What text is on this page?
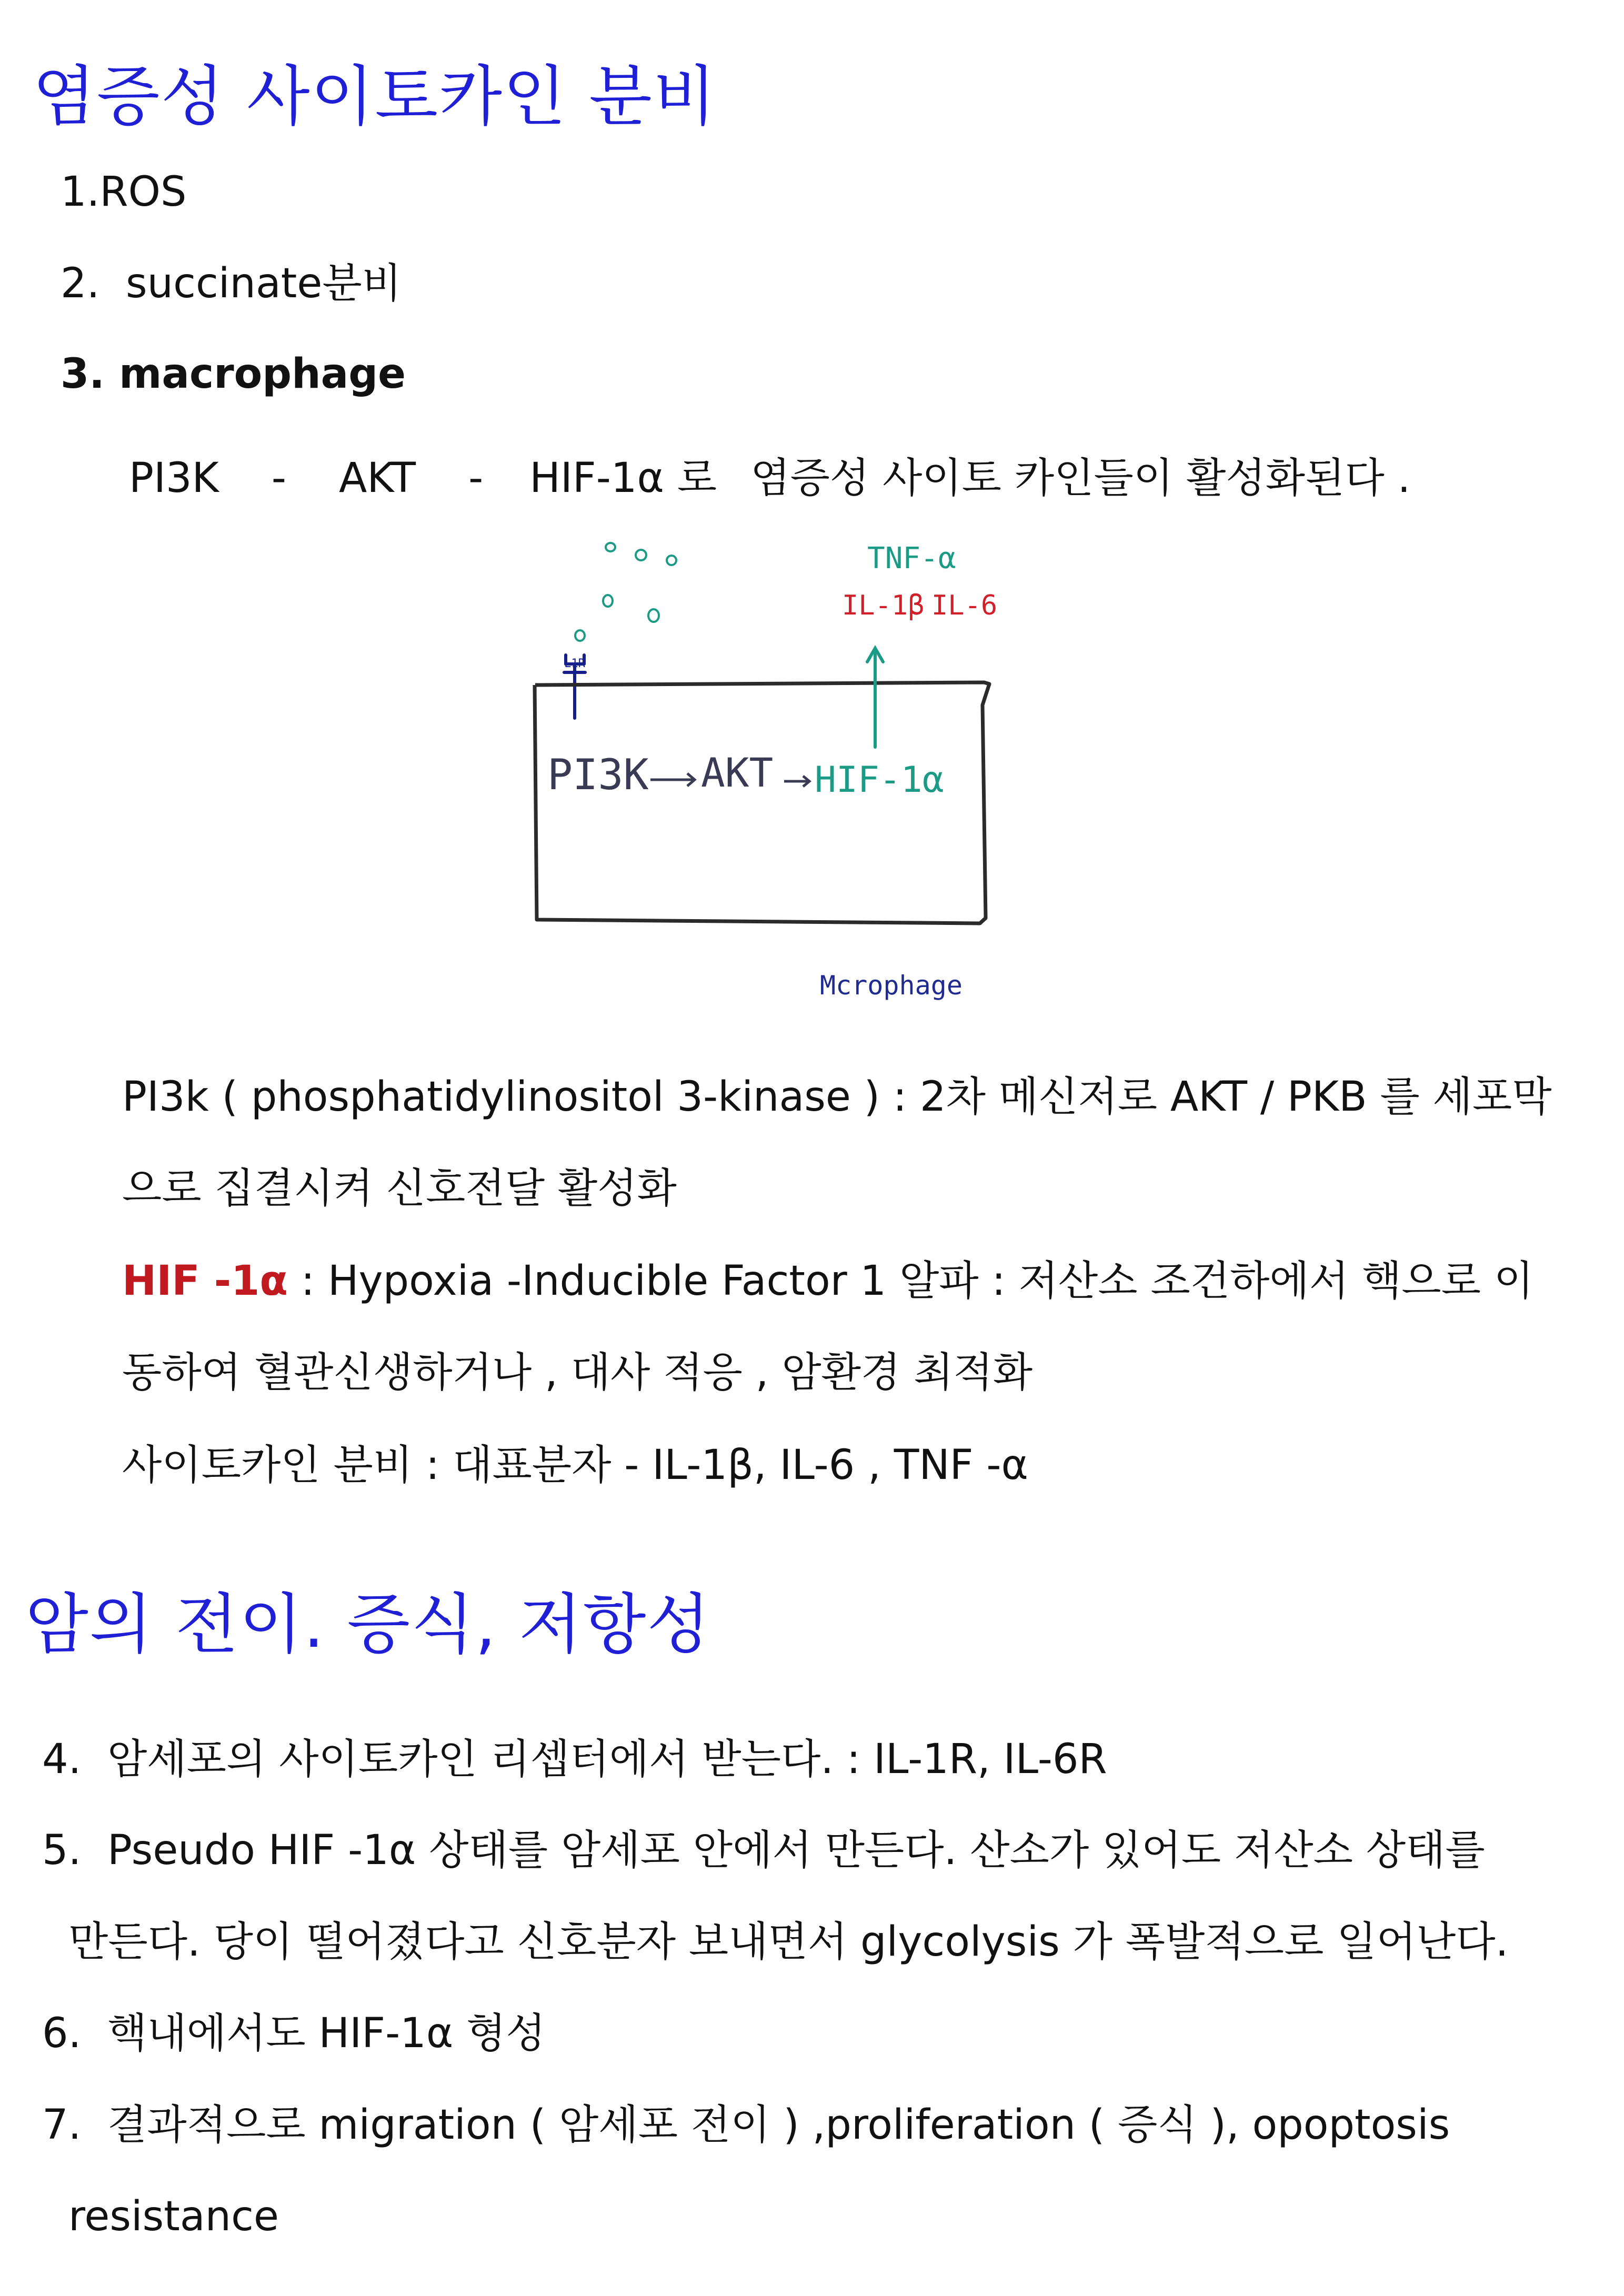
염증성 사이토카인 분비
1.ROS
2. succinate분비
3. macrophage
PI3K - AKT - HIF-1α 로 염증성 사이토 카인들이 활성화된다 .
L1R
TNF-α
IL-1β IL-6
PI3K AKT HIF-1α
Mcrophage
PI3k ( phosphatidylinositol 3-kinase ) : 2차 메신저로 AKT / PKB 를 세포막
으로 집결시켜 신호전달 활성화
HIF -1α : Hypoxia -Inducible Factor 1 알파 : 저산소 조건하에서 핵으로 이
동하여 혈관신생하거나 , 대사 적응 , 암환경 최적화
사이토카인 분비 : 대표분자 - IL-1β, IL-6 , TNF -α
암의 전이. 증식, 저항성
4. 암세포의 사이토카인 리셉터에서 받는다. : IL-1R, IL-6R
5. Pseudo HIF -1α 상태를 암세포 안에서 만든다. 산소가 있어도 저산소 상태를
만든다. 당이 떨어졌다고 신호분자 보내면서 glycolysis 가 폭발적으로 일어난다.
6. 핵내에서도 HIF-1α 형성
7. 결과적으로 migration ( 암세포 전이 ) ,proliferation ( 증식 ), opoptosis
resistance
